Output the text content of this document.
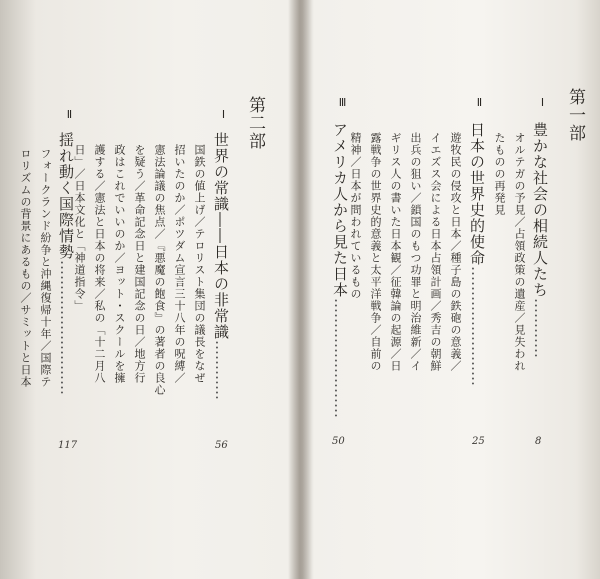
第一部
Ⅰ
豊かな社会の相続人たち…………
オルテガの予見／占領政策の遺産／見失われ
たものの再発見
8
Ⅱ
日本の世界史的使命……………………
遊牧民の侵攻と日本／種子島の鉄砲の意義／
イエズス会による日本占領計画／秀吉の朝鮮
出兵の狙い／鎖国のもつ功罪と明治維新／イ
ギリス人の書いた日本観／征韓論の起源／日
露戦争の世界史的意義と太平洋戦争／自前の
精神／日本が問われているもの
25
Ⅲ
アメリカ人から見た日本……………………
50
第二部
Ⅰ
世界の常識――日本の非常識…………
国鉄の値上げ／テロリスト集団の議長をなぜ
招いたのか／ポツダム宣言三十八年の呪縛／
憲法論議の焦点／『悪魔の飽食』の著者の良心
を疑う／革命記念日と建国記念の日／地方行
政はこれでいいのか／ヨット・スクールを擁
護する／憲法と日本の将来／私の「十二月八
日」／日本文化と「神道指令」
56
Ⅱ
揺れ動く国際情勢………………………
フォークランド紛争と沖縄復帰十年／国際テ
ロリズムの背景にあるもの／サミットと日本
117
